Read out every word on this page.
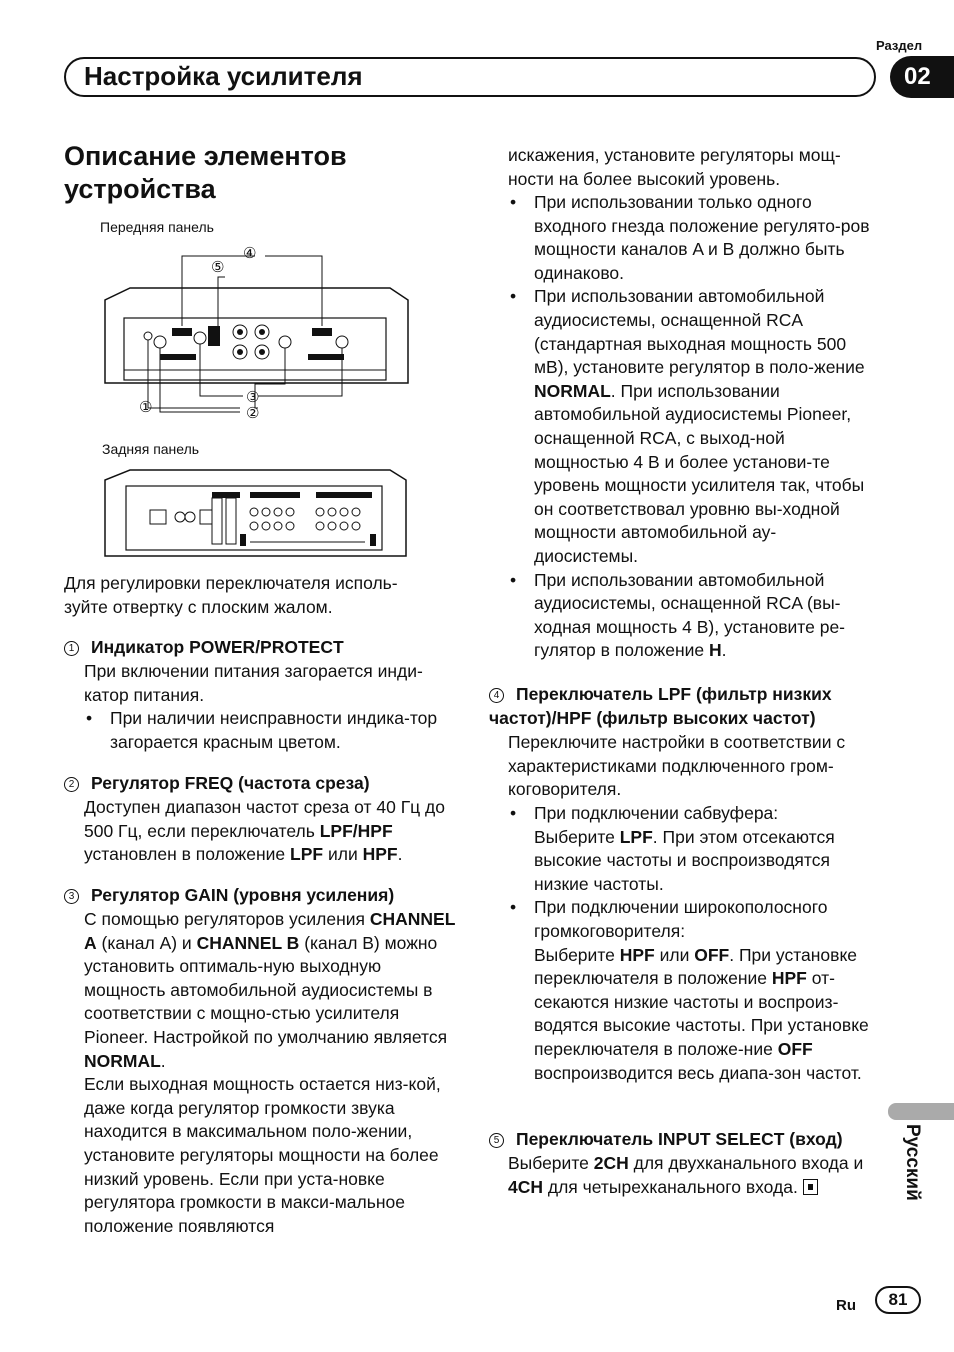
Раздел
Настройка усилителя	02
Описание элементов устройства
Передняя панель
④
⑤
①
③
②
Задняя панель
Для регулировки переключателя исполь-зуйте отвертку с плоским жалом.
1 Индикатор POWER/PROTECT
При включении питания загорается инди-катор питания.
• При наличии неисправности индика-тор загорается красным цветом.
2 Регулятор FREQ (частота среза)
Доступен диапазон частот среза от 40 Гц до 500 Гц, если переключатель LPF/HPF установлен в положение LPF или HPF.
3 Регулятор GAIN (уровня усиления)
С помощью регуляторов усиления CHANNEL A (канал A) и CHANNEL B (канал B) можно установить оптималь-ную выходную мощность автомобильной аудиосистемы в соответствии с мощно-стью усилителя Pioneer. Настройкой по умолчанию является NORMAL.
Если выходная мощность остается низ-кой, даже когда регулятор громкости звука находится в максимальном поло-жении, установите регуляторы мощности на более низкий уровень. Если при уста-новке регулятора громкости в макси-мальное положение появляются
искажения, установите регуляторы мощ-ности на более высокий уровень.
• При использовании только одного входного гнезда положение регулято-ров мощности каналов A и B должно быть одинаково.
• При использовании автомобильной аудиосистемы, оснащенной RCA (стандартная выходная мощность 500 мВ), установите регулятор в поло-жение NORMAL. При использовании автомобильной аудиосистемы Pioneer, оснащенной RCA, с выход-ной мощностью 4 В и более установи-те уровень мощности усилителя так, чтобы он соответствовал уровню вы-ходной мощности автомобильной ау-диосистемы.
• При использовании автомобильной аудиосистемы, оснащенной RCA (вы-ходная мощность 4 В), установите ре-гулятор в положение H.
4 Переключатель LPF (фильтр низких частот)/HPF (фильтр высоких частот)
Переключите настройки в соответствии с характеристиками подключенного гром-коговорителя.
• При подключении сабвуфера:
Выберите LPF. При этом отсекаются высокие частоты и воспроизводятся низкие частоты.
• При подключении широкополосного громкоговорителя:
Выберите HPF или OFF. При установке переключателя в положение HPF от-секаются низкие частоты и воспроиз-водятся высокие частоты. При установке переключателя в положе-ние OFF воспроизводится весь диапа-зон частот.
5 Переключатель INPUT SELECT (вход)
Выберите 2CH для двухканального входа и 4CH для четырехканального входа.	Русский
Ru	81
